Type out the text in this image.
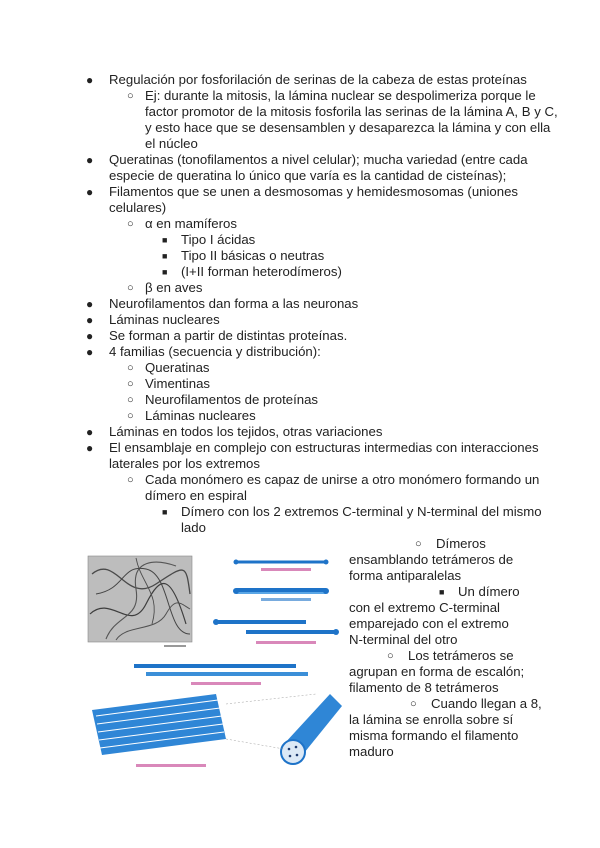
● Regulación por fosforilación de serinas de la cabeza de estas proteínas
○ Ej: durante la mitosis, la lámina nuclear se despolimeriza porque le
factor promotor de la mitosis fosforila las serinas de la lámina A, B y C,
y esto hace que se desensamblen y desaparezca la lámina y con ella
el núcleo
● Queratinas (tonofilamentos a nivel celular); mucha variedad (entre cada
especie de queratina lo único que varía es la cantidad de cisteínas);
● Filamentos que se unen a desmosomas y hemidesmosomas (uniones
celulares)
○ α en mamíferos
■ Tipo I ácidas
■ Tipo II básicas o neutras
■ (I+II forman heterodímeros)
○ β en aves
● Neurofilamentos dan forma a las neuronas
● Láminas nucleares
● Se forman a partir de distintas proteínas.
● 4 familias (secuencia y distribución):
○ Queratinas
○ Vimentinas
○ Neurofilamentos de proteínas
○ Láminas nucleares
● Láminas en todos los tejidos, otras variaciones
● El ensamblaje en complejo con estructuras intermedias con interacciones
laterales por los extremos
○ Cada monómero es capaz de unirse a otro monómero formando un
dímero en espiral
■ Dímero con los 2 extremos C-terminal y N-terminal del mismo
lado
○ Dímeros
ensamblando tetrámeros de
forma antiparalelas
■ Un dímero
con el extremo C-terminal
emparejado con el extremo
N-terminal del otro
○ Los tetrámeros se
agrupan en forma de escalón;
filamento de 8 tetrámeros
○ Cuando llegan a 8,
la lámina se enrolla sobre sí
misma formando el filamento
maduro
